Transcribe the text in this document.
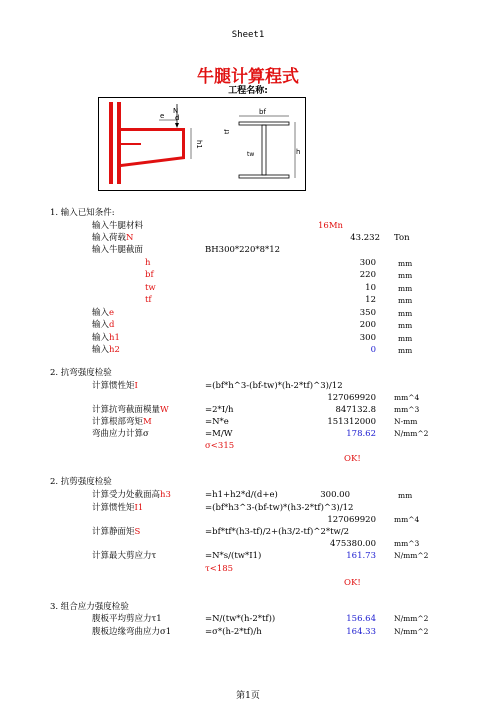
Sheet1
牛腿计算程式
工程名称:
N
e d
h1
bf
h
tw
tf
1. 输入已知条件:
输入牛腿材料	16Mn
输入荷载N	43.232 Ton
输入牛腿截面	BH300*220*8*12
h	300	mm
bf	220	mm
tw	10	mm
tf	12	mm
输入e	350	mm
输入d	200	mm
输入h1	300	mm
输入h2	0	mm
2. 抗弯强度检验
计算惯性矩I	=(bf*h^3-(bf-tw)*(h-2*tf)^3)/12
127069920 mm^4
计算抗弯截面模量W	=2*I/h	847132.8 mm^3
计算根部弯矩M	=N*e	151312000 N-mm
弯曲应力计算σ	=M/W	178.62 N/mm^2
σ<315
OK!
2. 抗剪强度检验
计算受力处截面高h3	=h1+h2*d/(d+e)	300.00	mm
计算惯性矩I1	=(bf*h3^3-(bf-tw)*(h3-2*tf)^3)/12
127069920 mm^4
计算静面矩S	=bf*tf*(h3-tf)/2+(h3/2-tf)^2*tw/2
475380.00 mm^3
计算最大剪应力τ	=N*s/(tw*I1)	161.73 N/mm^2
τ<185
OK!
3. 组合应力强度检验
腹板平均剪应力τ1	=N/(tw*(h-2*tf))	156.64 N/mm^2
腹板边缘弯曲应力σ1	=σ*(h-2*tf)/h	164.33 N/mm^2
第1页
